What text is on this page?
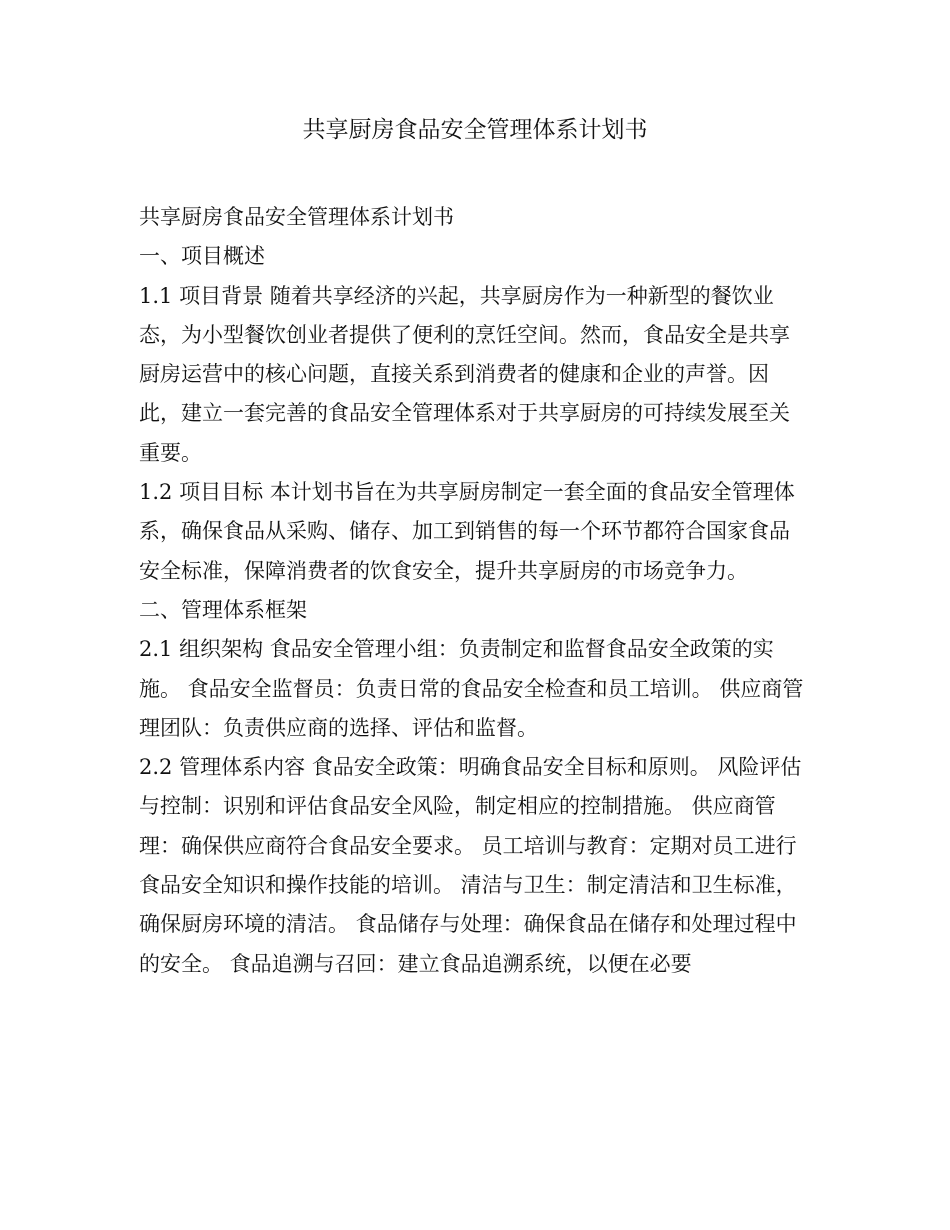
共享厨房食品安全管理体系计划书

共享厨房食品安全管理体系计划书

一、项目概述

1.1 项目背景 随着共享经济的兴起，共享厨房作为一种新型的餐饮业态，为小型餐饮创业者提供了便利的烹饪空间。然而，食品安全是共享厨房运营中的核心问题，直接关系到消费者的健康和企业的声誉。因此，建立一套完善的食品安全管理体系对于共享厨房的可持续发展至关重要。

1.2 项目目标 本计划书旨在为共享厨房制定一套全面的食品安全管理体系，确保食品从采购、储存、加工到销售的每一个环节都符合国家食品安全标准，保障消费者的饮食安全，提升共享厨房的市场竞争力。

二、管理体系框架

2.1 组织架构 食品安全管理小组：负责制定和监督食品安全政策的实施。 食品安全监督员：负责日常的食品安全检查和员工培训。 供应商管理团队：负责供应商的选择、评估和监督。

2.2 管理体系内容 食品安全政策：明确食品安全目标和原则。 风险评估与控制：识别和评估食品安全风险，制定相应的控制措施。 供应商管理：确保供应商符合食品安全要求。 员工培训与教育：定期对员工进行食品安全知识和操作技能的培训。 清洁与卫生：制定清洁和卫生标准，确保厨房环境的清洁。 食品储存与处理：确保食品在储存和处理过程中的安全。 食品追溯与召回：建立食品追溯系统，以便在必要
